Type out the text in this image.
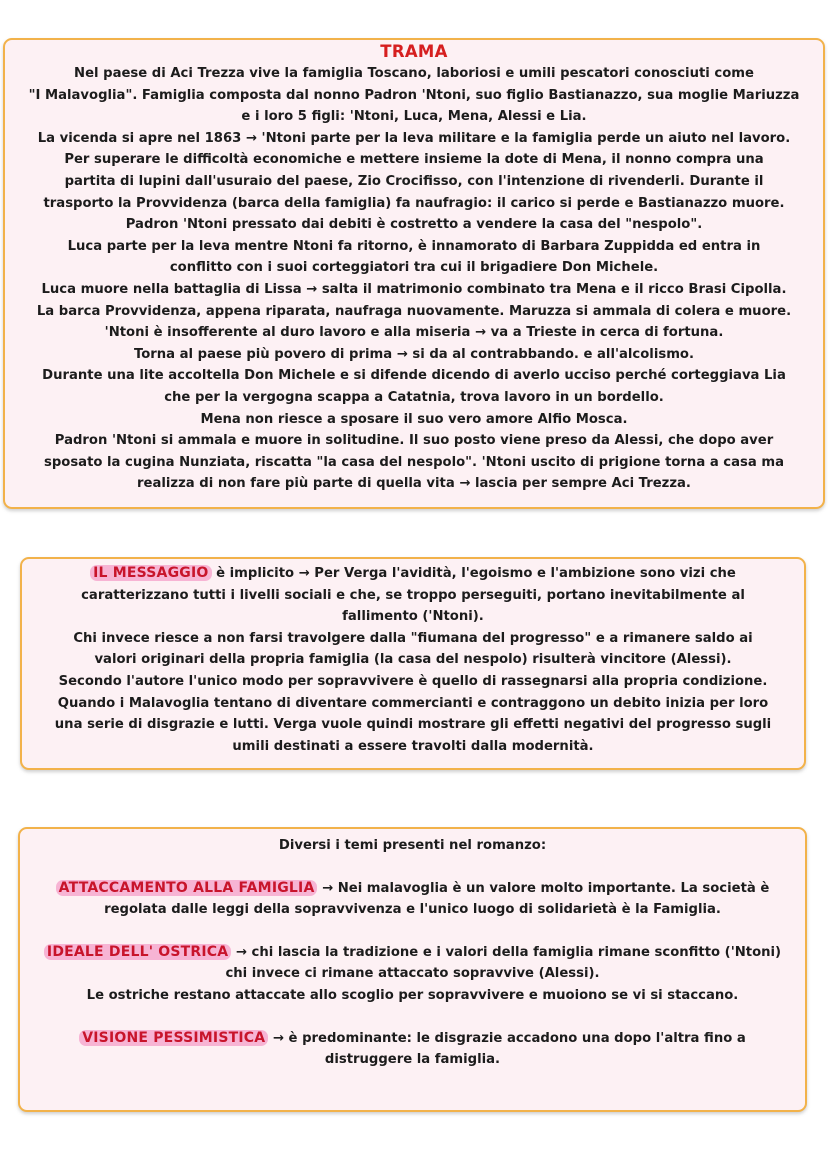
TRAMA
Nel paese di Aci Trezza vive la famiglia Toscano, laboriosi e umili pescatori conosciuti come
"I Malavoglia". Famiglia composta dal nonno Padron 'Ntoni, suo figlio Bastianazzo, sua moglie Mariuzza
e i loro 5 figli: 'Ntoni, Luca, Mena, Alessi e Lia.
La vicenda si apre nel 1863 → 'Ntoni parte per la leva militare e la famiglia perde un aiuto nel lavoro.
Per superare le difficoltà economiche e mettere insieme la dote di Mena, il nonno compra una
partita di lupini dall'usuraio del paese, Zio Crocifisso, con l'intenzione di rivenderli. Durante il
trasporto la Provvidenza (barca della famiglia) fa naufragio: il carico si perde e Bastianazzo muore.
Padron 'Ntoni pressato dai debiti è costretto a vendere la casa del "nespolo".
Luca parte per la leva mentre Ntoni fa ritorno, è innamorato di Barbara Zuppidda ed entra in
conflitto con i suoi corteggiatori tra cui il brigadiere Don Michele.
Luca muore nella battaglia di Lissa → salta il matrimonio combinato tra Mena e il ricco Brasi Cipolla.
La barca Provvidenza, appena riparata, naufraga nuovamente. Maruzza si ammala di colera e muore.
'Ntoni è insofferente al duro lavoro e alla miseria → va a Trieste in cerca di fortuna.
Torna al paese più povero di prima → si da al contrabbando. e all'alcolismo.
Durante una lite accoltella Don Michele e si difende dicendo di averlo ucciso perché corteggiava Lia
che per la vergogna scappa a Catatnia, trova lavoro in un bordello.
Mena non riesce a sposare il suo vero amore Alfio Mosca.
Padron 'Ntoni si ammala e muore in solitudine. Il suo posto viene preso da Alessi, che dopo aver
sposato la cugina Nunziata, riscatta "la casa del nespolo". 'Ntoni uscito di prigione torna a casa ma
realizza di non fare più parte di quella vita → lascia per sempre Aci Trezza.
IL MESSAGGIO è implicito → Per Verga l'avidità, l'egoismo e l'ambizione sono vizi che
caratterizzano tutti i livelli sociali e che, se troppo perseguiti, portano inevitabilmente al
fallimento ('Ntoni).
Chi invece riesce a non farsi travolgere dalla "fiumana del progresso" e a rimanere saldo ai
valori originari della propria famiglia (la casa del nespolo) risulterà vincitore (Alessi).
Secondo l'autore l'unico modo per sopravvivere è quello di rassegnarsi alla propria condizione.
Quando i Malavoglia tentano di diventare commercianti e contraggono un debito inizia per loro
una serie di disgrazie e lutti. Verga vuole quindi mostrare gli effetti negativi del progresso sugli
umili destinati a essere travolti dalla modernità.
Diversi i temi presenti nel romanzo:
ATTACCAMENTO ALLA FAMIGLIA → Nei malavoglia è un valore molto importante. La società è
regolata dalle leggi della sopravvivenza e l'unico luogo di solidarietà è la Famiglia.
IDEALE DELL' OSTRICA → chi lascia la tradizione e i valori della famiglia rimane sconfitto ('Ntoni)
chi invece ci rimane attaccato sopravvive (Alessi).
Le ostriche restano attaccate allo scoglio per sopravvivere e muoiono se vi si staccano.
VISIONE PESSIMISTICA → è predominante: le disgrazie accadono una dopo l'altra fino a
distruggere la famiglia.
